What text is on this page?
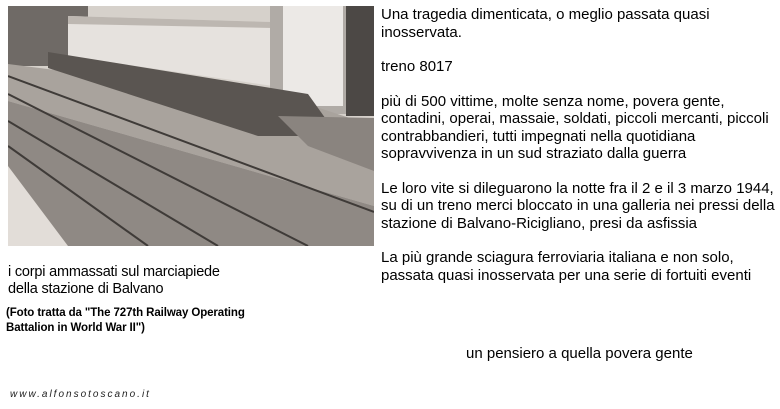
i corpi ammassati sul marciapiede
della stazione di Balvano
(Foto tratta da "The 727th Railway Operating
Battalion in World War II")

Una tragedia dimenticata, o meglio passata quasi inosservata.

treno 8017

più di 500 vittime, molte senza nome, povera gente, contadini, operai, massaie, soldati, piccoli mercanti, piccoli contrabbandieri, tutti impegnati nella quotidiana sopravvivenza in un sud straziato dalla guerra

Le loro vite si dileguarono la notte fra il 2 e il 3 marzo 1944, su di un treno merci bloccato in una galleria nei pressi della stazione di Balvano-Ricigliano, presi da asfissia

La più grande sciagura ferroviaria italiana e non solo, passata quasi inosservata per una serie di fortuiti eventi

un pensiero a quella povera gente
www.alfonsotoscano.it
